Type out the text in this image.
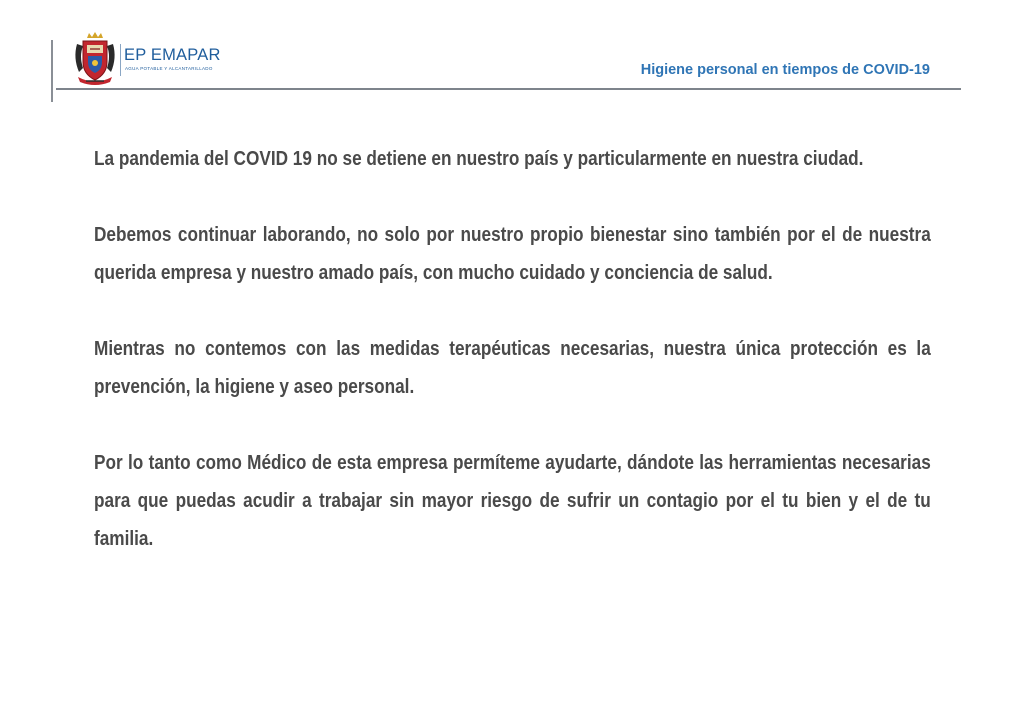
EP EMAPAR
AGUA POTABLE Y ALCANTARILLADO	Higiene personal en tiempos de COVID-19

La pandemia del COVID 19 no se detiene en nuestro país y particularmente en nuestra ciudad.

Debemos continuar laborando, no solo por nuestro propio bienestar sino también por el de nuestra querida empresa y nuestro amado país, con mucho cuidado y conciencia de salud.

Mientras no contemos con las medidas terapéuticas necesarias, nuestra única protección es la prevención, la higiene y aseo personal.

Por lo tanto como Médico de esta empresa permíteme ayudarte, dándote las herramientas necesarias para que puedas acudir a trabajar sin mayor riesgo de sufrir un contagio por el tu bien y el de tu familia.
